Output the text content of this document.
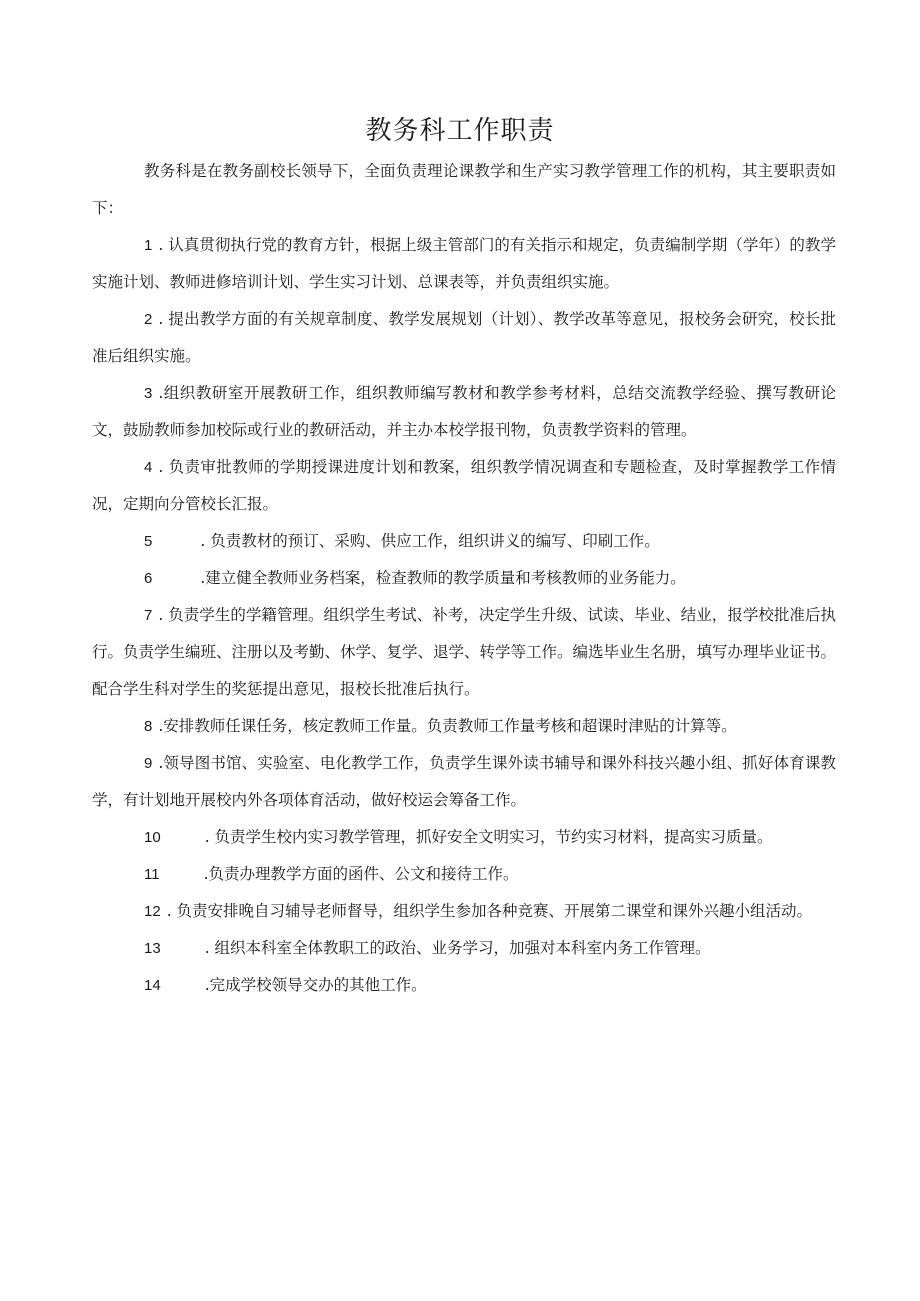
教务科工作职责

教务科是在教务副校长领导下，全面负责理论课教学和生产实习教学管理工作的机构，其主要职责如下：

1 . 认真贯彻执行党的教育方针，根据上级主管部门的有关指示和规定，负责编制学期（学年）的教学实施计划、教师进修培训计划、学生实习计划、总课表等，并负责组织实施。

2 . 提出教学方面的有关规章制度、教学发展规划（计划）、教学改革等意见，报校务会研究，校长批准后组织实施。

3 .组织教研室开展教研工作，组织教师编写教材和教学参考材料，总结交流教学经验、撰写教研论文，鼓励教师参加校际或行业的教研活动，并主办本校学报刊物，负责教学资料的管理。

4 . 负责审批教师的学期授课进度计划和教案，组织教学情况调查和专题检查，及时掌握教学工作情况，定期向分管校长汇报。

5	. 负责教材的预订、采购、供应工作，组织讲义的编写、印刷工作。

6	.建立健全教师业务档案，检查教师的教学质量和考核教师的业务能力。

7 . 负责学生的学籍管理。组织学生考试、补考，决定学生升级、试读、毕业、结业，报学校批准后执行。负责学生编班、注册以及考勤、休学、复学、退学、转学等工作。编选毕业生名册，填写办理毕业证书。配合学生科对学生的奖惩提出意见，报校长批准后执行。

8 .安排教师任课任务，核定教师工作量。负责教师工作量考核和超课时津贴的计算等。

9 .领导图书馆、实验室、电化教学工作，负责学生课外读书辅导和课外科技兴趣小组、抓好体育课教学，有计划地开展校内外各项体育活动，做好校运会筹备工作。

10	. 负责学生校内实习教学管理，抓好安全文明实习，节约实习材料，提高实习质量。

11	.负责办理教学方面的函件、公文和接待工作。

12 . 负责安排晚自习辅导老师督导，组织学生参加各种竞赛、开展第二课堂和课外兴趣小组活动。

13	. 组织本科室全体教职工的政治、业务学习，加强对本科室内务工作管理。

14	.完成学校领导交办的其他工作。
